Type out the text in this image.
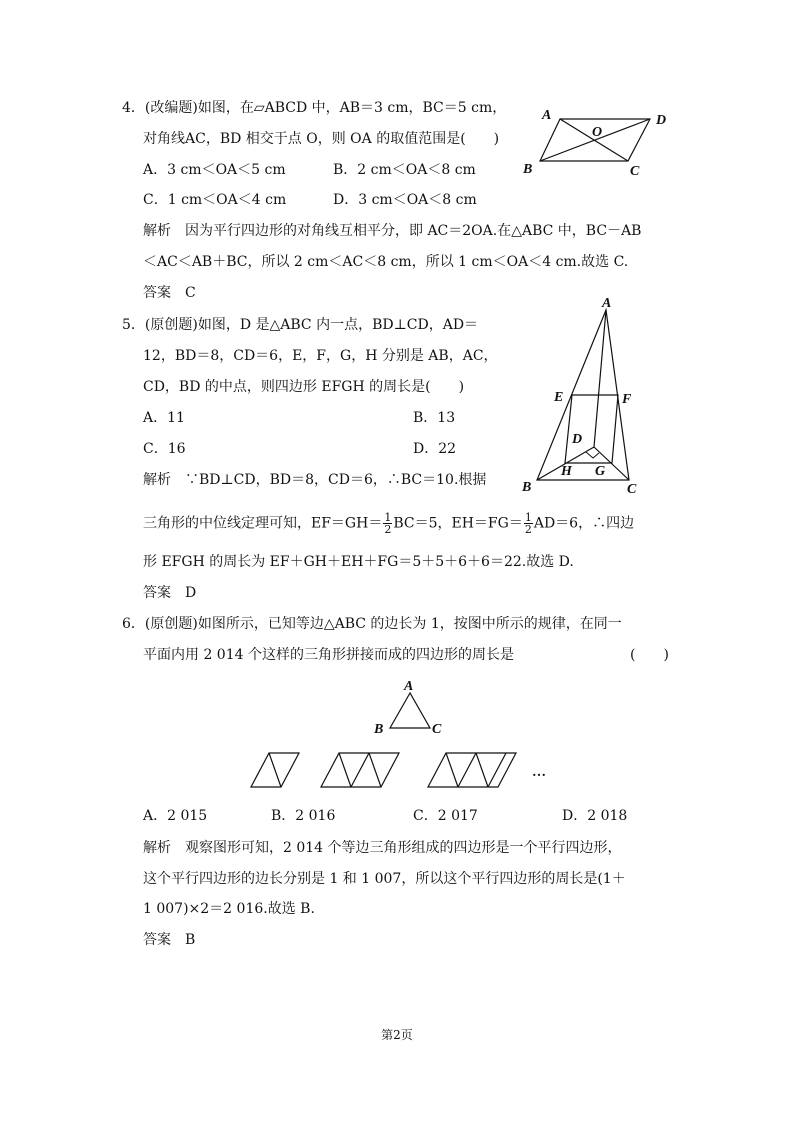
4．(改编题)如图，在▱ABCD 中，AB＝3 cm，BC＝5 cm，
对角线AC，BD 相交于点 O，则 OA 的取值范围是(　　)
A．3 cm＜OA＜5 cm	B．2 cm＜OA＜8 cm
C．1 cm＜OA＜4 cm	D．3 cm＜OA＜8 cm
解析　因为平行四边形的对角线互相平分，即 AC＝2OA.在△ABC 中，BC－AB
＜AC＜AB＋BC，所以 2 cm＜AC＜8 cm，所以 1 cm＜OA＜4 cm.故选 C.
答案　C
A	D
O
B	C
5．(原创题)如图，D 是△ABC 内一点，BD⊥CD，AD＝
12，BD＝8，CD＝6，E，F，G，H 分别是 AB，AC，
CD，BD 的中点，则四边形 EFGH 的周长是(　　)
A．11	B．13
C．16	D．22
解析　∵BD⊥CD，BD＝8，CD＝6，∴BC＝10.根据
三角形的中位线定理可知，$EF=GH= \frac{1}{2} BC=5$，$EH=FG= \frac{1}{2} AD=6$，∴四边
形 EFGH 的周长为 EF＋GH＋EH＋FG＝5＋5＋6＋6＝22.故选 D.
答案　D
A
E	F
D
H G
B	C
6．(原创题)如图所示，已知等边△ABC 的边长为 1，按图中所示的规律，在同一
平面内用 2 014 个这样的三角形拼接而成的四边形的周长是	(　　)
A
B	C
…
A．2 015	B．2 016	C．2 017	D．2 018
解析　观察图形可知，2 014 个等边三角形组成的四边形是一个平行四边形，
这个平行四边形的边长分别是 1 和 1 007，所以这个平行四边形的周长是(1＋
1 007)×2＝2 016.故选 B.
答案　B
第2页
